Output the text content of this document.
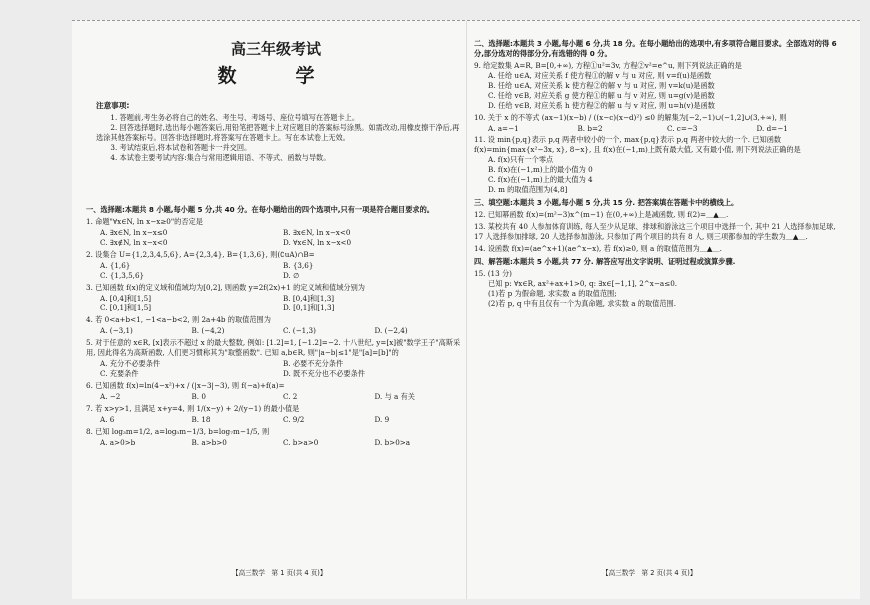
高三年级考试
数　学
注意事项:

1. 答题前,考生务必将自己的姓名、考生号、考场号、座位号填写在答题卡上。

2. 回答选择题时,选出每小题答案后,用铅笔把答题卡上对应题目的答案标号涂黑。如需改动,用橡皮擦干净后,再选涂其他答案标号。回答非选择题时,将答案写在答题卡上。写在本试卷上无效。

3. 考试结束后,将本试卷和答题卡一并交回。

4. 本试卷主要考试内容:集合与常用逻辑用语、不等式、函数与导数。

一、选择题:本题共 8 小题,每小题 5 分,共 40 分。在每小题给出的四个选项中,只有一项是符合题目要求的。
1. 命题"∀x∈N, ln x−x≥0"的否定是
A. ∃x∈N, ln x−x≤0	B. ∃x∈N, ln x−x<0
C. ∃x∉N, ln x−x<0	D. ∀x∈N, ln x−x<0
2. 设集合 U={1,2,3,4,5,6}, A={2,3,4}, B={1,3,6}, 则(∁uA)∩B=
A. {1,6}	B. {3,6}
C. {1,3,5,6}	D. ∅
3. 已知函数 f(x)的定义域和值域均为[0,2], 则函数 y=2f(2x)+1 的定义域和值域分别为
A. [0,4]和[1,5]	B. [0,4]和[1,3]
C. [0,1]和[1,5]	D. [0,1]和[1,3]
4. 若 0<a+b<1, −1<a−b<2, 则 2a+4b 的取值范围为
A. (−3,1)	B. (−4,2)	C. (−1,3)	D. (−2,4)
5. 对于任意的 x∈R, [x]表示不超过 x 的最大整数, 例如: [1.2]=1, [−1.2]=−2. 十八世纪, y=[x]被"数学王子"高斯采用, 因此得名为高斯函数, 人们更习惯称其为"取整函数". 已知 a,b∈R, 则"|a−b|≤1"是"[a]=[b]"的
A. 充分不必要条件	B. 必要不充分条件
C. 充要条件	D. 既不充分也不必要条件
6. 已知函数 f(x)=ln(4−x²)+x / (|x−3|−3), 则 f(−a)+f(a)=
A. −2	B. 0	C. 2	D. 与 a 有关
7. 若 x>y>1, 且满足 x+y=4, 则 1/(x−y) + 2/(y−1) 的最小值是
A. 6	B. 18	C. 9/2	D. 9
8. 已知 log₃m=1/2, a=log₅m−1/3, b=log₇m−1/5, 则
A. a>0>b	B. a>b>0	C. b>a>0	D. b>0>a
二、选择题:本题共 3 小题,每小题 6 分,共 18 分。在每小题给出的选项中,有多项符合题目要求。全部选对的得 6 分,部分选对的得部分分,有选错的得 0 分。
9. 给定数集 A=R, B=[0,+∞), 方程①u²=3v, 方程②v²=e^u, 则下列说法正确的是
A. 任给 u∈A, 对应关系 f 使方程①的解 v 与 u 对应, 则 v=f(u)是函数
B. 任给 u∈A, 对应关系 k 使方程②的解 v 与 u 对应, 则 v=k(u)是函数
C. 任给 v∈B, 对应关系 g 使方程①的解 u 与 v 对应, 则 u=g(v)是函数
D. 任给 v∈B, 对应关系 h 使方程②的解 u 与 v 对应, 则 u=h(v)是函数
10. 关于 x 的不等式 (ax−1)(x−b) / ((x−c)(x−d)²) ≤0 的解集为[−2,−1)∪(−1,2]∪(3,+∞), 则
A. a=−1	B. b=2	C. c=−3	D. d=−1
11. 设 min{p,q}表示 p,q 两者中较小的一个, max{p,q}表示 p,q 两者中较大的一个. 已知函数 f(x)=min{max{x²−3x, x}, 8−x}, 且 f(x)在(−1,m)上既有最大值, 又有最小值, 则下列说法正确的是
A. f(x)只有一个零点
B. f(x)在(−1,m)上的最小值为 0
C. f(x)在(−1,m)上的最大值为 4
D. m 的取值范围为(4,8]
三、填空题:本题共 3 小题,每小题 5 分,共 15 分. 把答案填在答题卡中的横线上。
12. 已知幂函数 f(x)=(m²−3)x^(m−1) 在(0,+∞)上是减函数, 则 f(2)=＿▲＿.
13. 某校共有 40 人参加体育训练, 每人至少从足球、排球和游泳这三个项目中选择一个, 其中 21 人选择参加足球, 17 人选择参加排球, 20 人选择参加游泳, 只参加了两个项目的共有 8 人, 则三项都参加的学生数为＿▲＿.
14. 设函数 f(x)=(ae^x+1)(ae^x−x), 若 f(x)≥0, 则 a 的取值范围为＿▲＿.
四、解答题:本题共 5 小题,共 77 分. 解答应写出文字说明、证明过程或演算步骤.
15. (13 分)
已知 p: ∀x∈R, ax²+ax+1>0, q: ∃x∈[−1,1], 2^x−a≤0.
(1)若 p 为假命题, 求实数 a 的取值范围;
(2)若 p, q 中有且仅有一个为真命题, 求实数 a 的取值范围.
【高三数学　第 1 页(共 4 页)】	【高三数学　第 2 页(共 4 页)】
